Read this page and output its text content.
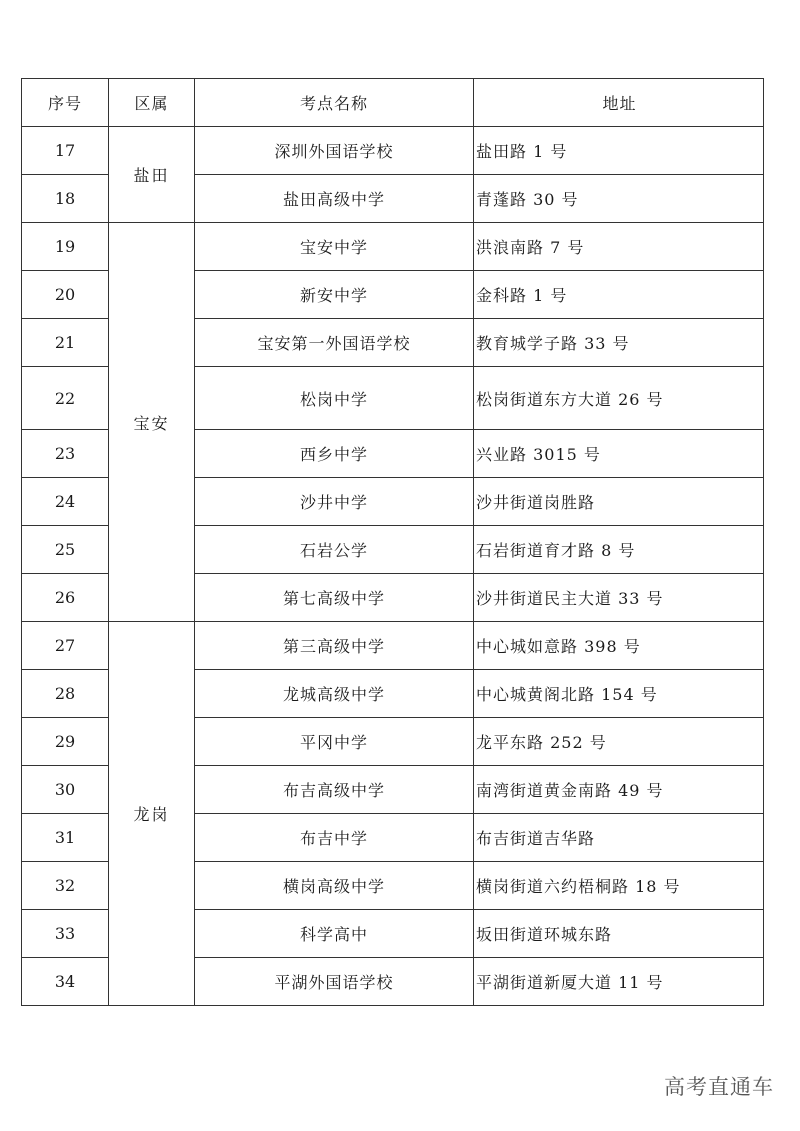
序号	区属	考点名称	地址
17	盐田	深圳外国语学校	盐田路 1 号
18		盐田高级中学	青蓬路 30 号
19	宝安	宝安中学	洪浪南路 7 号
20		新安中学	金科路 1 号
21		宝安第一外国语学校	教育城学子路 33 号
22		松岗中学	松岗街道东方大道 26 号
23		西乡中学	兴业路 3015 号
24		沙井中学	沙井街道岗胜路
25		石岩公学	石岩街道育才路 8 号
26		第七高级中学	沙井街道民主大道 33 号
27	龙岗	第三高级中学	中心城如意路 398 号
28		龙城高级中学	中心城黄阁北路 154 号
29		平冈中学	龙平东路 252 号
30		布吉高级中学	南湾街道黄金南路 49 号
31		布吉中学	布吉街道吉华路
32		横岗高级中学	横岗街道六约梧桐路 18 号
33		科学高中	坂田街道环城东路
34		平湖外国语学校	平湖街道新厦大道 11 号
高考直通车
